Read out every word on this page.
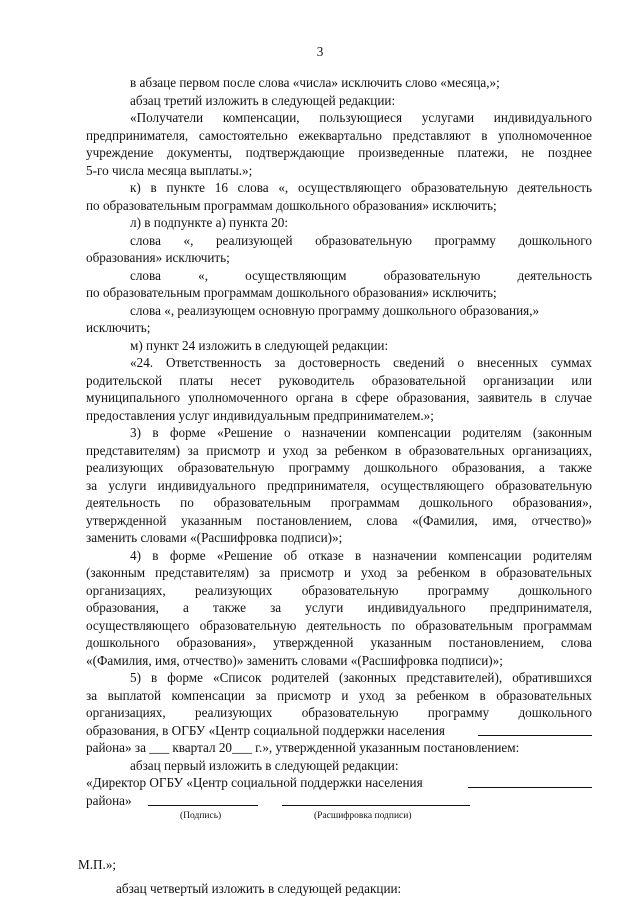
3
в абзаце первом после слова «числа» исключить слово «месяца,»;
абзац третий изложить в следующей редакции:
«Получатели компенсации, пользующиеся услугами индивидуального
предпринимателя, самостоятельно ежеквартально представляют в уполномоченное
учреждение документы, подтверждающие произведенные платежи, не позднее
5-го числа месяца выплаты.»;
к) в пункте 16 слова «, осуществляющего образовательную деятельность
по образовательным программам дошкольного образования» исключить;
л) в подпункте а) пункта 20:
слова «, реализующей образовательную программу дошкольного
образования» исключить;
слова «, осуществляющим образовательную деятельность
по образовательным программам дошкольного образования» исключить;
слова «, реализующем основную программу дошкольного образования,»
исключить;
м) пункт 24 изложить в следующей редакции:
«24. Ответственность за достоверность сведений о внесенных суммах
родительской платы несет руководитель образовательной организации или
муниципального уполномоченного органа в сфере образования, заявитель в случае
предоставления услуг индивидуальным предпринимателем.»;
3) в форме «Решение о назначении компенсации родителям (законным
представителям) за присмотр и уход за ребенком в образовательных организациях,
реализующих образовательную программу дошкольного образования, а также
за услуги индивидуального предпринимателя, осуществляющего образовательную
деятельность по образовательным программам дошкольного образования»,
утвержденной указанным постановлением, слова «(Фамилия, имя, отчество)»
заменить словами «(Расшифровка подписи)»;
4) в форме «Решение об отказе в назначении компенсации родителям
(законным представителям) за присмотр и уход за ребенком в образовательных
организациях, реализующих образовательную программу дошкольного
образования, а также за услуги индивидуального предпринимателя,
осуществляющего образовательную деятельность по образовательным программам
дошкольного образования», утвержденной указанным постановлением, слова
«(Фамилия, имя, отчество)» заменить словами «(Расшифровка подписи)»;
5) в форме «Список родителей (законных представителей), обратившихся
за выплатой компенсации за присмотр и уход за ребенком в образовательных
организациях, реализующих образовательную программу дошкольного
образования, в ОГБУ «Центр социальной поддержки населения
района» за ___ квартал 20___ г.», утвержденной указанным постановлением:
абзац первый изложить в следующей редакции:
«Директор ОГБУ «Центр социальной поддержки населения
района»
(Подпись)	(Расшифровка подписи)
М.П.»;
абзац четвертый изложить в следующей редакции:
